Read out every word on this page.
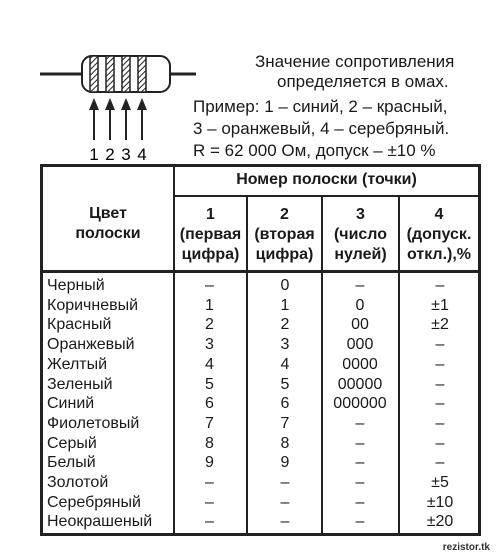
1 2 3 4
Значение сопротивления
определяется в омах.
Пример: 1 – синий, 2 – красный,
3 – оранжевый, 4 – серебряный.
R = 62 000 Ом, допуск – ±10 %
Цвет
полоски
Номер полоски (точки)
1
(первая
цифра)
2
(вторая
цифра)
3
(число
нулей)
4
(допуск.
откл.),%
Черный	–	0	–	–
Коричневый	1	1	0	±1
Красный	2	2	00	±2
Оранжевый	3	3	000	–
Желтый	4	4	0000	–
Зеленый	5	5	00000	–
Синий	6	6	000000	–
Фиолетовый	7	7	–	–
Серый	8	8	–	–
Белый	9	9	–	–
Золотой	–	–	–	±5
Серебряный	–	–	–	±10
Неокрашеный	–	–	–	±20
rezistor.tk
